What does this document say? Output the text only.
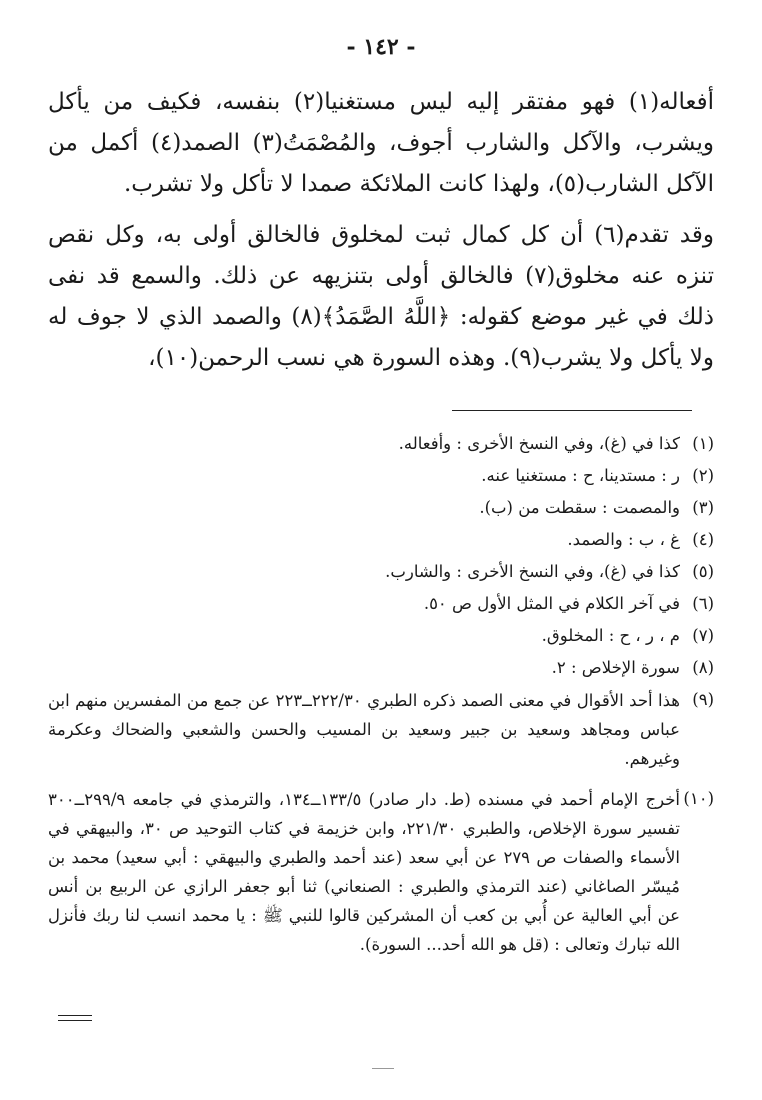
- ١٤٢ -

أفعاله(١) فهو مفتقر إليه ليس مستغنيا(٢) بنفسه، فكيف من يأكل ويشرب، والآكل والشارب أجوف، والمُصْمَتُ(٣) الصمد(٤) أكمل من الآكل الشارب(٥)، ولهذا كانت الملائكة صمدا لا تأكل ولا تشرب.

وقد تقدم(٦) أن كل كمال ثبت لمخلوق فالخالق أولى به، وكل نقص تنزه عنه مخلوق(٧) فالخالق أولى بتنزيهه عن ذلك. والسمع قد نفى ذلك في غير موضع كقوله: ﴿اللَّهُ الصَّمَدُ﴾(٨) والصمد الذي لا جوف له ولا يأكل ولا يشرب(٩). وهذه السورة هي نسب الرحمن(١٠)،

(١)
كذا في (غ)، وفي النسخ الأخرى : وأفعاله.
(٢)
ر : مستدينا، ح : مستغنيا عنه.
(٣)
والمصمت : سقطت من (ب).
(٤)
غ ، ب : والصمد.
(٥)
كذا في (غ)، وفي النسخ الأخرى : والشارب.
(٦)
في آخر الكلام في المثل الأول ص ٥٠.
(٧)
م ، ر ، ح : المخلوق.
(٨)
سورة الإخلاص : ٢.
(٩)
هذا أحد الأقوال في معنى الصمد ذكره الطبري ٢٢٢/٣٠ــ٢٢٣ عن جمع من المفسرين منهم ابن عباس ومجاهد وسعيد بن جبير وسعيد بن المسيب والحسن والشعبي والضحاك وعكرمة وغيرهم.
(١٠)
أخرج الإمام أحمد في مسنده (ط. دار صادر) ١٣٣/٥ــ١٣٤، والترمذي في جامعه ٢٩٩/٩ــ٣٠٠ تفسير سورة الإخلاص، والطبري ٢٢١/٣٠، وابن خزيمة في كتاب التوحيد ص ٣٠، والبيهقي في الأسماء والصفات ص ٢٧٩ عن أبي سعد (عند أحمد والطبري والبيهقي : أبي سعيد) محمد بن مُيسّر الصاغاني (عند الترمذي والطبري : الصنعاني) ثنا أبو جعفر الرازي عن الربيع بن أنس عن أبي العالية عن أُبي بن كعب أن المشركين قالوا للنبي ﷺ : يا محمد انسب لنا ربك فأنزل الله تبارك وتعالى : (قل هو الله أحد... السورة).
